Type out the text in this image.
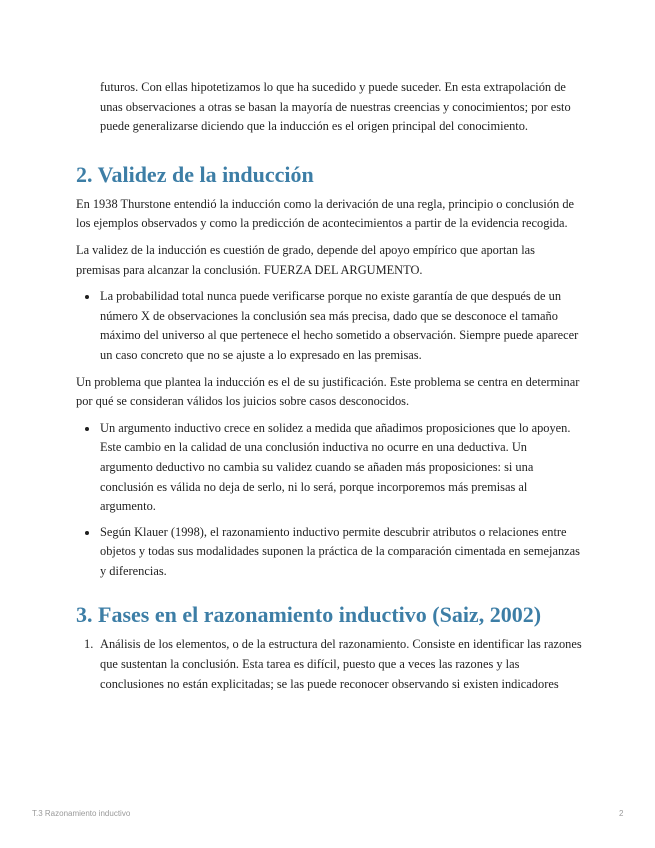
futuros. Con ellas hipotetizamos lo que ha sucedido y puede suceder. En esta extrapolación de unas observaciones a otras se basan la mayoría de nuestras creencias y conocimientos; por esto puede generalizarse diciendo que la inducción es el origen principal del conocimiento.

2. Validez de la inducción

En 1938 Thurstone entendió la inducción como la derivación de una regla, principio o conclusión de los ejemplos observados y como la predicción de acontecimientos a partir de la evidencia recogida.

La validez de la inducción es cuestión de grado, depende del apoyo empírico que aportan las premisas para alcanzar la conclusión. FUERZA DEL ARGUMENTO.

La probabilidad total nunca puede verificarse porque no existe garantía de que después de un número X de observaciones la conclusión sea más precisa, dado que se desconoce el tamaño máximo del universo al que pertenece el hecho sometido a observación. Siempre puede aparecer un caso concreto que no se ajuste a lo expresado en las premisas.

Un problema que plantea la inducción es el de su justificación. Este problema se centra en determinar por qué se consideran válidos los juicios sobre casos desconocidos.

Un argumento inductivo crece en solidez a medida que añadimos proposiciones que lo apoyen. Este cambio en la calidad de una conclusión inductiva no ocurre en una deductiva. Un argumento deductivo no cambia su validez cuando se añaden más proposiciones: si una conclusión es válida no deja de serlo, ni lo será, porque incorporemos más premisas al argumento.
Según Klauer (1998), el razonamiento inductivo permite descubrir atributos o relaciones entre objetos y todas sus modalidades suponen la práctica de la comparación cimentada en semejanzas y diferencias.
3. Fases en el razonamiento inductivo (Saiz, 2002)
1. Análisis de los elementos, o de la estructura del razonamiento. Consiste en identificar las razones que sustentan la conclusión. Esta tarea es difícil, puesto que a veces las razones y las conclusiones no están explicitadas; se las puede reconocer observando si existen indicadores
T.3 Razonamiento inductivo	2
